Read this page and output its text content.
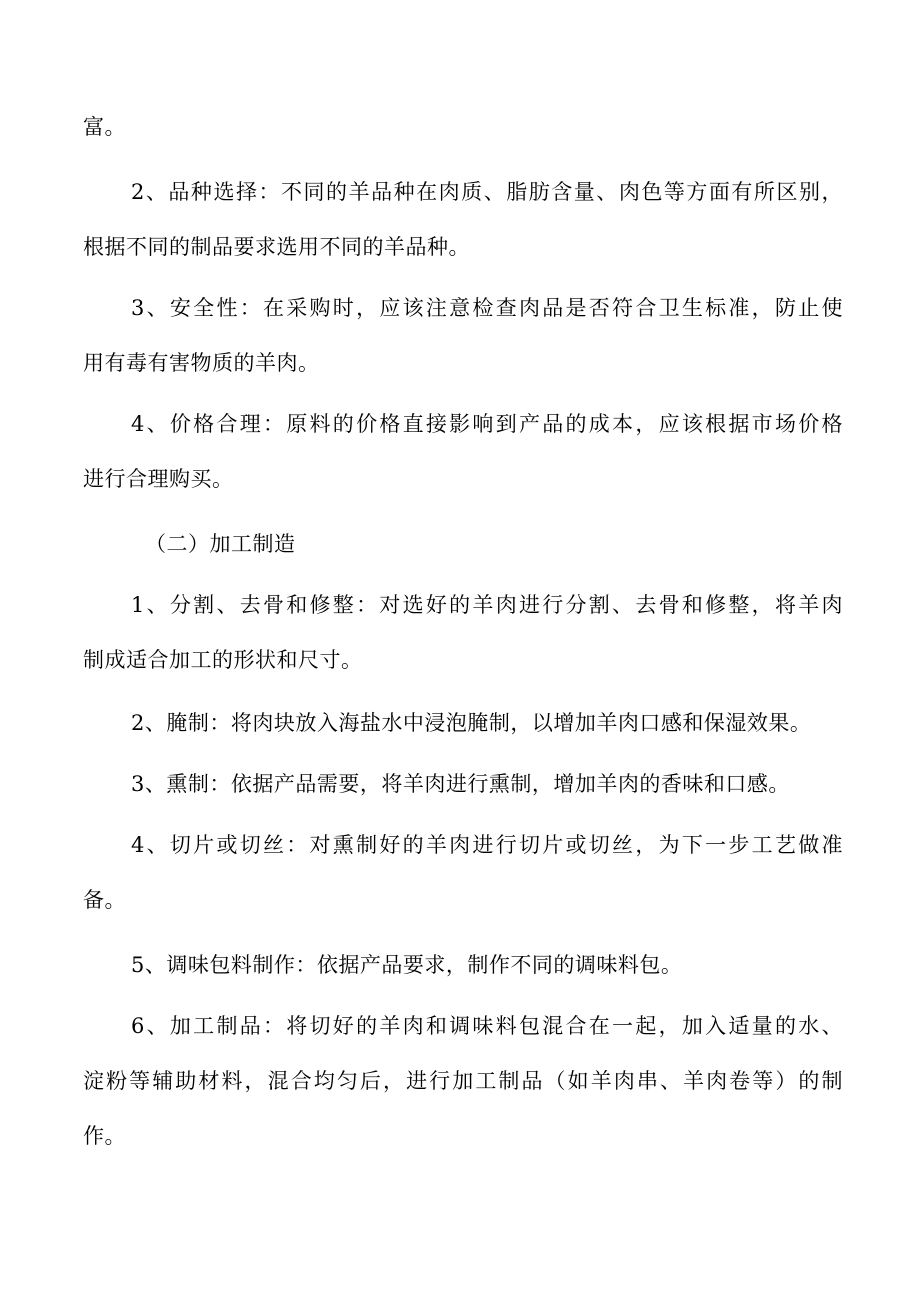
富。
2、品种选择：不同的羊品种在肉质、脂肪含量、肉色等方面有所区别，
根据不同的制品要求选用不同的羊品种。
3、安全性：在采购时，应该注意检查肉品是否符合卫生标准，防止使
用有毒有害物质的羊肉。
4、价格合理：原料的价格直接影响到产品的成本，应该根据市场价格
进行合理购买。
（二）加工制造
1、分割、去骨和修整：对选好的羊肉进行分割、去骨和修整，将羊肉
制成适合加工的形状和尺寸。
2、腌制：将肉块放入海盐水中浸泡腌制，以增加羊肉口感和保湿效果。
3、熏制：依据产品需要，将羊肉进行熏制，增加羊肉的香味和口感。
4、切片或切丝：对熏制好的羊肉进行切片或切丝，为下一步工艺做准
备。
5、调味包料制作：依据产品要求，制作不同的调味料包。
6、加工制品：将切好的羊肉和调味料包混合在一起，加入适量的水、
淀粉等辅助材料，混合均匀后，进行加工制品（如羊肉串、羊肉卷等）的制
作。
